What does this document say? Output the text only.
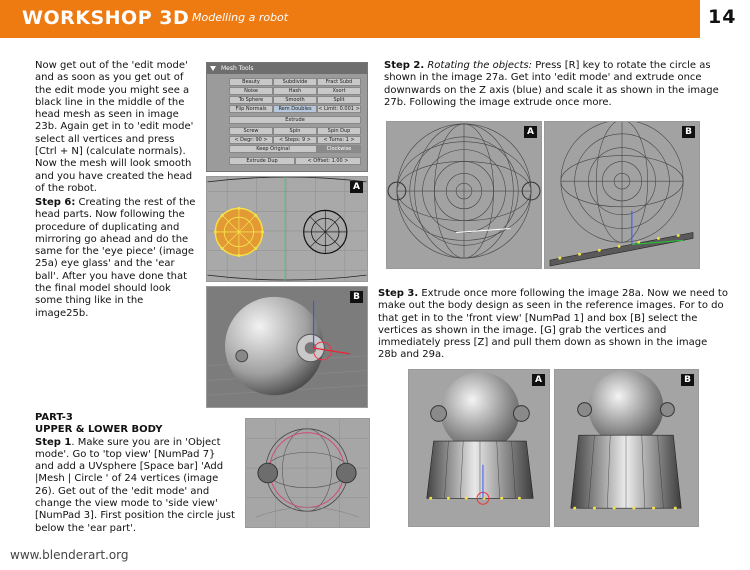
WORKSHOP 3D Modelling a robot	14
Now get out of the 'edit mode' and as soon as you get out of the edit mode you might see a black line in the middle of the head mesh as seen in image 23b. Again get in to 'edit mode' select all vertices and press [Ctrl + N] (calculate normals). Now the mesh will look smooth and you have created the head of the robot.
Step 6: Creating the rest of the head parts. Now following the procedure of duplicating and mirroring go ahead and do the same for the 'eye piece' (image 25a) eye glass' and the 'ear ball'. After you have done that the final model should look some thing like in the image25b.
PART-3
UPPER & LOWER BODY
Step 1. Make sure you are in 'Object mode'. Go to 'top view' [NumPad 7} and add a UVsphere [Space bar] 'Add |Mesh | Circle ' of 24 vertices (image 26). Get out of the 'edit mode' and change the view mode to 'side view' [NumPad 3]. First position the circle just below the 'ear part'.
Mesh Tools
Beauty	Subdivide	Fract Subd
Noise	Hash	Xsort
To Sphere	Smooth	Split
Flip Normals	Rem Doubles	< Limit: 0.001 >
Extrude
Screw	Spin	Spin Dup
< Degr: 90 >	< Steps: 9 >	< Turns: 1 >
Keep Original	Clockwise
Extrude Dup	< Offset: 1.00 >
A
B
Step 2. Rotating the objects: Press [R] key to rotate the circle as shown in the image 27a. Get into 'edit mode' and extrude once downwards on the Z axis (blue) and scale it as shown in the image 27b. Following the image extrude once more.
A	B
Step 3. Extrude once more following the image 28a. Now we need to make out the body design as seen in the reference images. For to do that get in to the 'front view' [NumPad 1] and box [B] select the vertices as shown in the image. [G] grab the vertices and immediately press [Z] and pull them down as shown in the image 28b and 29a.
A	B
www.blenderart.org
